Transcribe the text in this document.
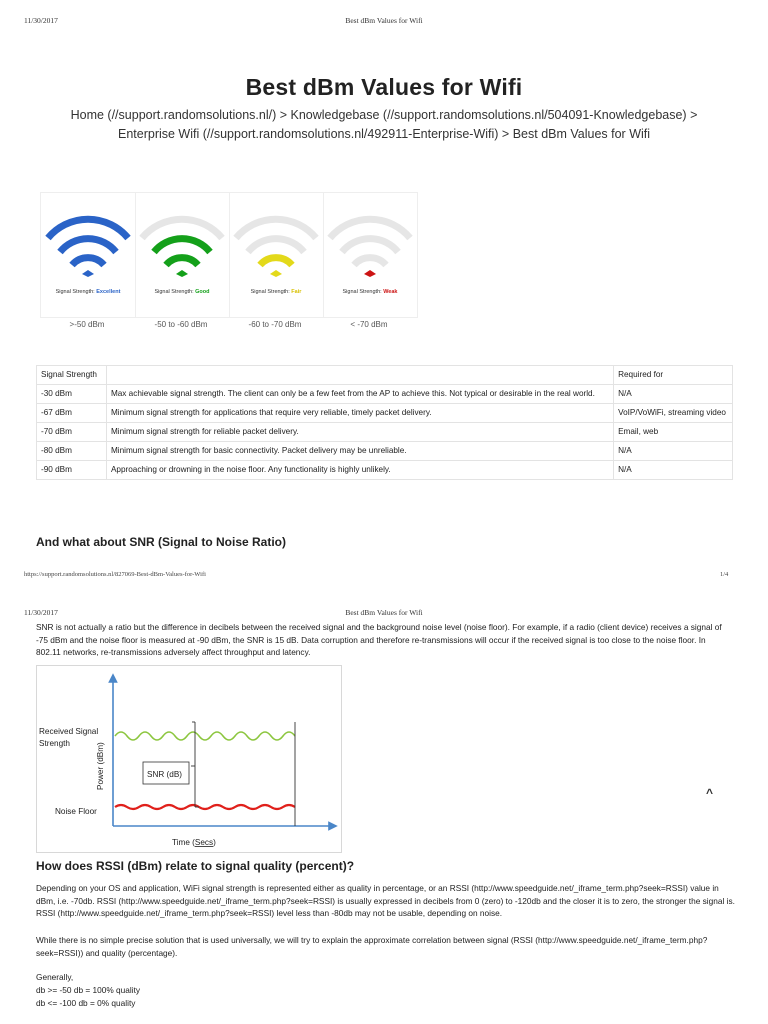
11/30/2017	Best dBm Values for Wifi
Best dBm Values for Wifi
Home (//support.randomsolutions.nl/) > Knowledgebase (//support.randomsolutions.nl/504091-Knowledgebase) >
Enterprise Wifi (//support.randomsolutions.nl/492911-Enterprise-Wifi) > Best dBm Values for Wifi
Signal Strength: Excellent	Signal Strength: Good	Signal Strength: Fair	Signal Strength: Weak
>-50 dBm	-50 to -60 dBm	-60 to -70 dBm	< -70 dBm
Signal Strength		Required for
-30 dBm	Max achievable signal strength. The client can only be a few feet from the AP to achieve this. Not typical or desirable in the real world.	N/A
-67 dBm	Minimum signal strength for applications that require very reliable, timely packet delivery.	VoIP/VoWiFi, streaming video
-70 dBm	Minimum signal strength for reliable packet delivery.	Email, web
-80 dBm	Minimum signal strength for basic connectivity. Packet delivery may be unreliable.	N/A
-90 dBm	Approaching or drowning in the noise floor. Any functionality is highly unlikely.	N/A
And what about SNR (Signal to Noise Ratio)
https://support.randomsolutions.nl/827069-Best-dBm-Values-for-Wifi	1/4
11/30/2017	Best dBm Values for Wifi
SNR is not actually a ratio but the difference in decibels between the received signal and the background noise level (noise floor). For example, if a radio (client device) receives a signal of -75 dBm and the noise floor is measured at -90 dBm, the SNR is 15 dB. Data corruption and therefore re-transmissions will occur if the received signal is too close to the noise floor. In 802.11 networks, re-transmissions adversely affect throughput and latency.
SNR (dB)
Received Signal
Strength
Noise Floor
Power (dBm)
Time (Secs)
^
How does RSSI (dBm) relate to signal quality (percent)?
Depending on your OS and application, WiFi signal strength is represented either as quality in percentage, or an RSSI (http://www.speedguide.net/_iframe_term.php?seek=RSSI) value in dBm, i.e. -70db. RSSI (http://www.speedguide.net/_iframe_term.php?seek=RSSI) is usually expressed in decibels from 0 (zero) to -120db and the closer it is to zero, the stronger the signal is. RSSI (http://www.speedguide.net/_iframe_term.php?seek=RSSI) level less than -80db may not be usable, depending on noise.
While there is no simple precise solution that is used universally, we will try to explain the approximate correlation between signal (RSSI (http://www.speedguide.net/_iframe_term.php?seek=RSSI)) and quality (percentage).
Generally,
db >= -50 db = 100% quality
db <= -100 db = 0% quality
